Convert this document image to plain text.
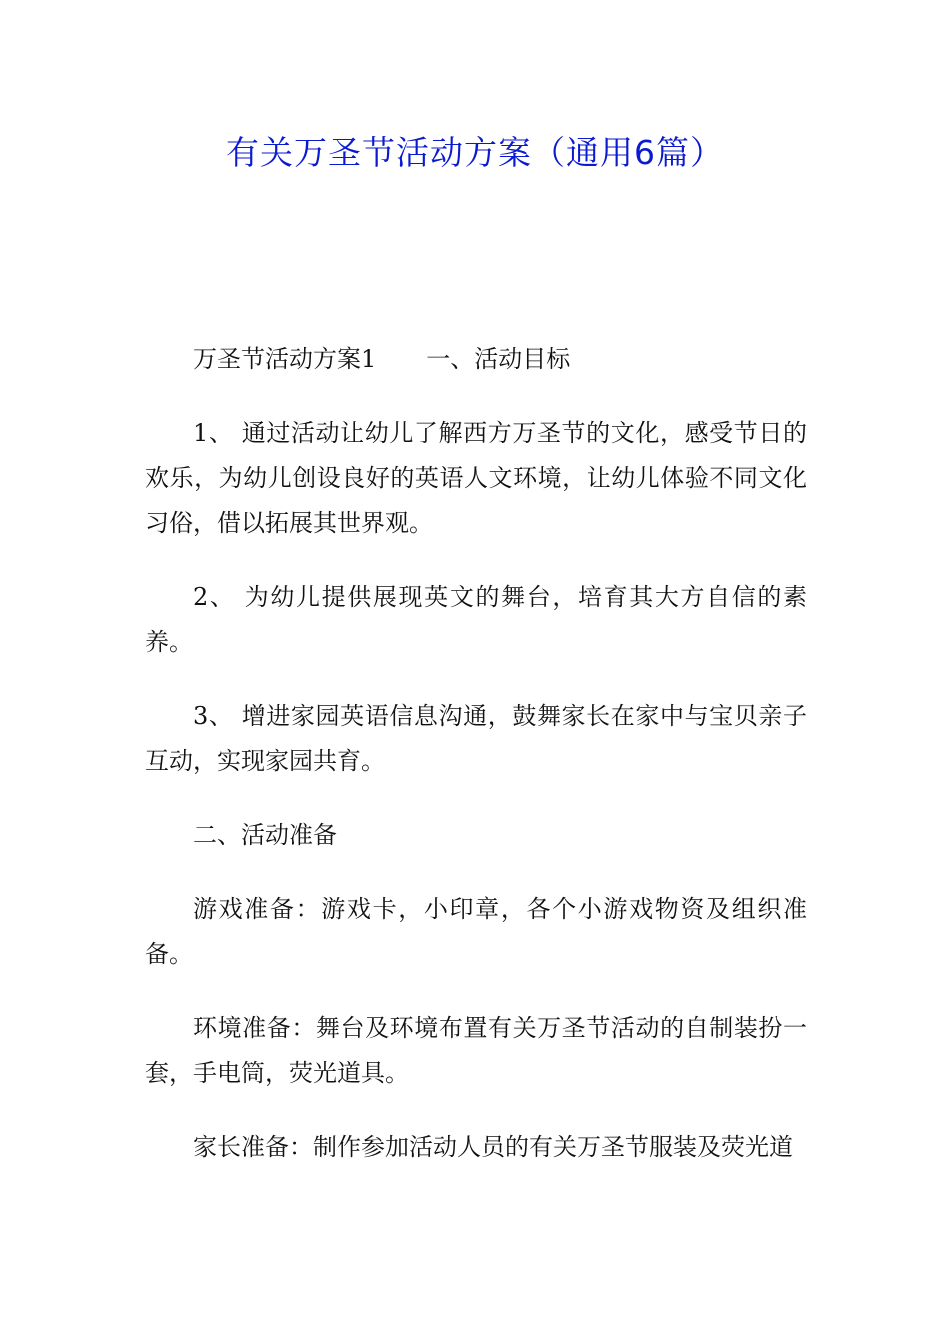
有关万圣节活动方案（通用6篇）

万圣节活动方案1 一、活动目标

1、 通过活动让幼儿了解西方万圣节的文化，感受节日的欢乐，为幼儿创设良好的英语人文环境，让幼儿体验不同文化习俗，借以拓展其世界观。

2、 为幼儿提供展现英文的舞台，培育其大方自信的素养。

3、 增进家园英语信息沟通，鼓舞家长在家中与宝贝亲子互动，实现家园共育。

二、活动准备

游戏准备：游戏卡，小印章，各个小游戏物资及组织准备。

环境准备：舞台及环境布置有关万圣节活动的自制装扮一套，手电筒，荧光道具。

家长准备：制作参加活动人员的有关万圣节服装及荧光道
